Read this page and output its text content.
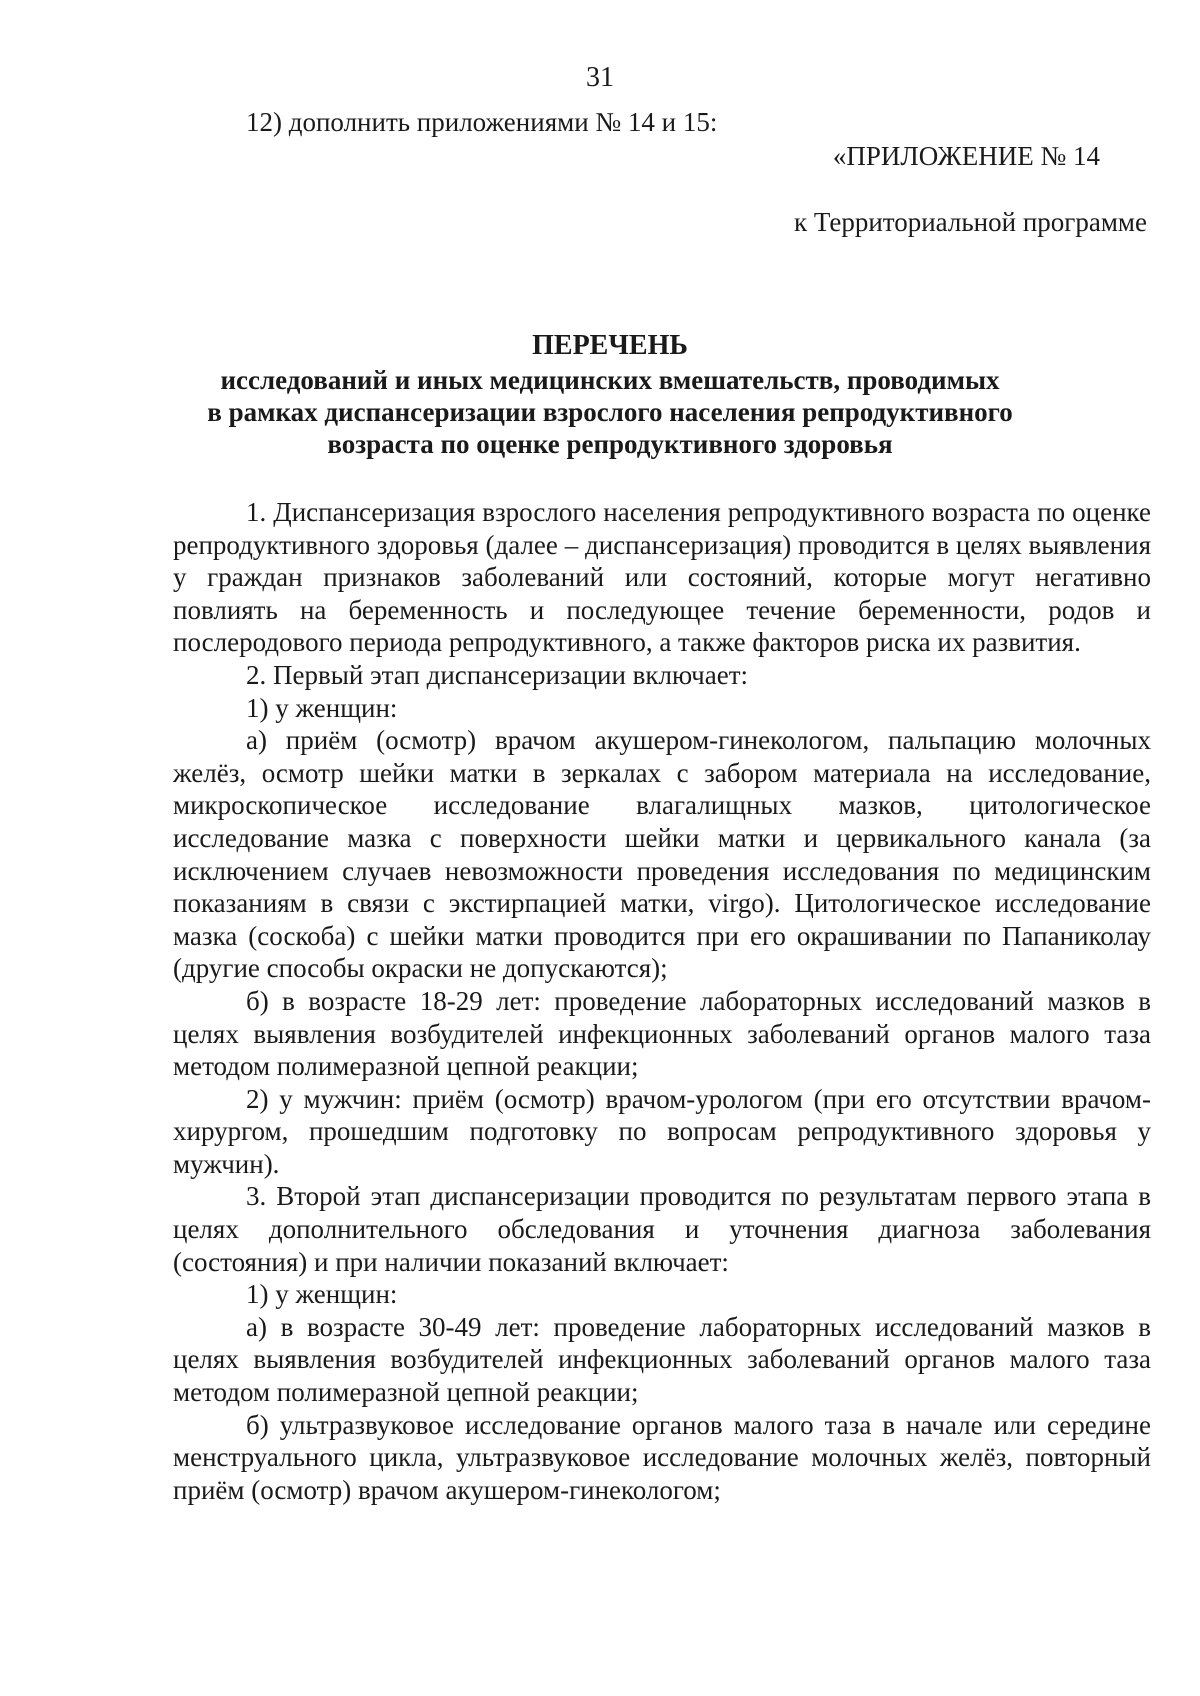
31
12) дополнить приложениями № 14 и 15:
«ПРИЛОЖЕНИЕ № 14
к Территориальной программе
ПЕРЕЧЕНЬ
исследований и иных медицинских вмешательств, проводимых
в рамках диспансеризации взрослого населения репродуктивного
возраста по оценке репродуктивного здоровья

1. Диспансеризация взрослого населения репродуктивного возраста по оценке репродуктивного здоровья (далее – диспансеризация) проводится в целях выявления у граждан признаков заболеваний или состояний, которые могут негативно повлиять на беременность и последующее течение беременности, родов и послеродового периода репродуктивного, а также факторов риска их развития.

2. Первый этап диспансеризации включает:

1) у женщин:

а) приём (осмотр) врачом акушером-гинекологом, пальпацию молочных желёз, осмотр шейки матки в зеркалах с забором материала на исследование, микроскопическое исследование влагалищных мазков, цитологическое исследование мазка с поверхности шейки матки и цервикального канала (за исключением случаев невозможности проведения исследования по медицинским показаниям в связи с экстирпацией матки, virgo). Цитологическое исследование мазка (соскоба) с шейки матки проводится при его окрашивании по Папаниколау (другие способы окраски не допускаются);

б) в возрасте 18-29 лет: проведение лабораторных исследований мазков в целях выявления возбудителей инфекционных заболеваний органов малого таза методом полимеразной цепной реакции;

2) у мужчин: приём (осмотр) врачом-урологом (при его отсутствии врачом-хирургом, прошедшим подготовку по вопросам репродуктивного здоровья у мужчин).

3. Второй этап диспансеризации проводится по результатам первого этапа в целях дополнительного обследования и уточнения диагноза заболевания (состояния) и при наличии показаний включает:

1) у женщин:

а) в возрасте 30-49 лет: проведение лабораторных исследований мазков в целях выявления возбудителей инфекционных заболеваний органов малого таза методом полимеразной цепной реакции;

б) ультразвуковое исследование органов малого таза в начале или середине менструального цикла, ультразвуковое исследование молочных желёз, повторный приём (осмотр) врачом акушером-гинекологом;
